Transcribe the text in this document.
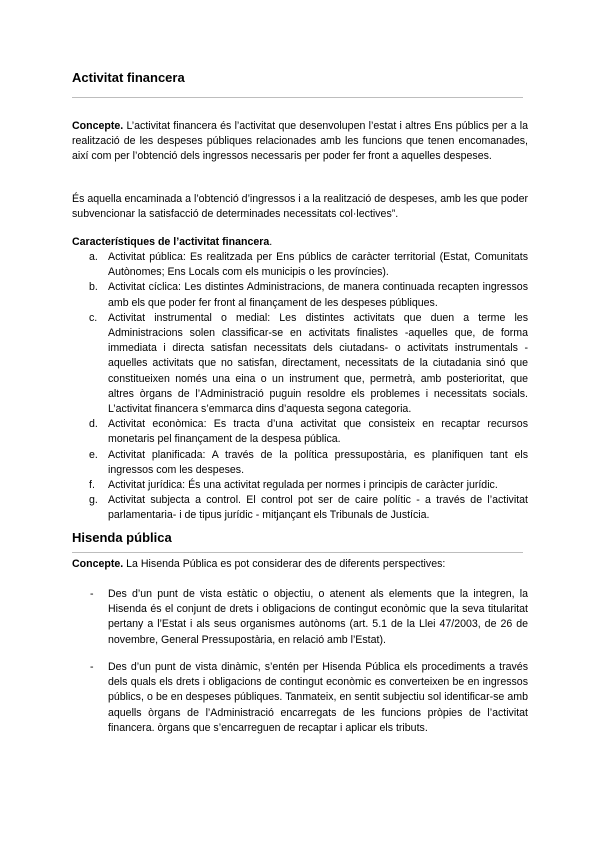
Activitat financera

Concepte. L’activitat financera és l’activitat que desenvolupen l’estat i altres Ens públics per a la realització de les despeses públiques relacionades amb les funcions que tenen encomanades, així com per l’obtenció dels ingressos necessaris per poder fer front a aquelles despeses.

És aquella encaminada a l’obtenció d’ingressos i a la realització de despeses, amb les que poder subvencionar la satisfacció de determinades necessitats col·lectives”.

Característiques de l’activitat financera.

a. Activitat pública: Es realitzada per Ens públics de caràcter territorial (Estat, Comunitats Autònomes; Ens Locals com els municipis o les províncies).
b. Activitat cíclica: Les distintes Administracions, de manera continuada recapten ingressos amb els que poder fer front al finançament de les despeses públiques.
c. Activitat instrumental o medial: Les distintes activitats que duen a terme les Administracions solen classificar-se en activitats finalistes -aquelles que, de forma immediata i directa satisfan necessitats dels ciutadans- o activitats instrumentals -aquelles activitats que no satisfan, directament, necessitats de la ciutadania sinó que constitueixen només una eina o un instrument que, permetrà, amb posterioritat, que altres òrgans de l’Administració puguin resoldre els problemes i necessitats socials. L’activitat financera s’emmarca dins d’aquesta segona categoria.
d. Activitat econòmica: Es tracta d’una activitat que consisteix en recaptar recursos monetaris pel finançament de la despesa pública.
e. Activitat planificada: A través de la política pressupostària, es planifiquen tant els ingressos com les despeses.
f. Activitat jurídica: És una activitat regulada per normes i principis de caràcter jurídic.
g. Activitat subjecta a control. El control pot ser de caire polític - a través de l’activitat parlamentaria- i de tipus jurídic - mitjançant els Tribunals de Justícia.
Hisenda pública

Concepte. La Hisenda Pública es pot considerar des de diferents perspectives:

- Des d’un punt de vista estàtic o objectiu, o atenent als elements que la integren, la Hisenda és el conjunt de drets i obligacions de contingut econòmic que la seva titularitat pertany a l’Estat i als seus organismes autònoms (art. 5.1 de la Llei 47/2003, de 26 de novembre, General Pressupostària, en relació amb l’Estat).
- Des d’un punt de vista dinàmic, s’entén per Hisenda Pública els procediments a través dels quals els drets i obligacions de contingut econòmic es converteixen be en ingressos públics, o be en despeses públiques. Tanmateix, en sentit subjectiu sol identificar-se amb aquells òrgans de l’Administració encarregats de les funcions pròpies de l’activitat financera. òrgans que s’encarreguen de recaptar i aplicar els tributs.
